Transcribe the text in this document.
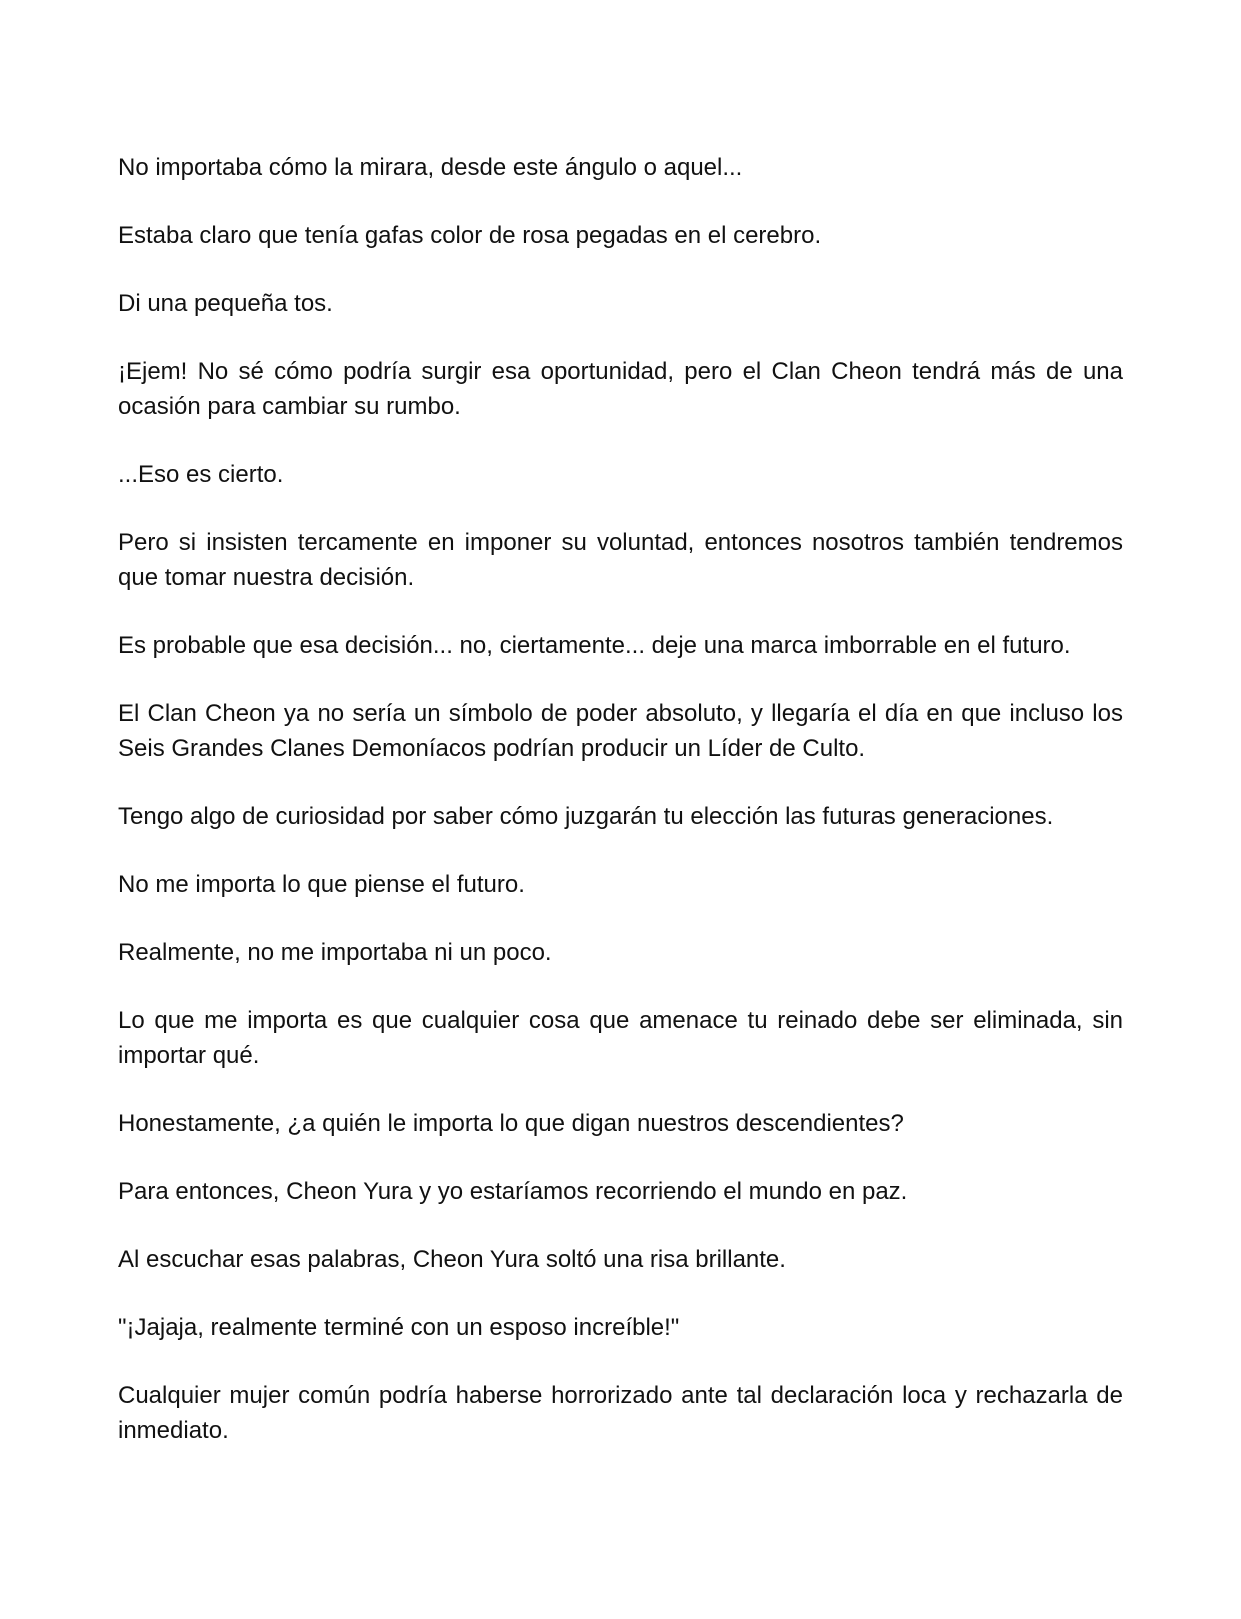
No importaba cómo la mirara, desde este ángulo o aquel...

Estaba claro que tenía gafas color de rosa pegadas en el cerebro.

Di una pequeña tos.

¡Ejem! No sé cómo podría surgir esa oportunidad, pero el Clan Cheon tendrá más de una ocasión para cambiar su rumbo.

...Eso es cierto.

Pero si insisten tercamente en imponer su voluntad, entonces nosotros también tendremos que tomar nuestra decisión.

Es probable que esa decisión... no, ciertamente... deje una marca imborrable en el futuro.

El Clan Cheon ya no sería un símbolo de poder absoluto, y llegaría el día en que incluso los Seis Grandes Clanes Demoníacos podrían producir un Líder de Culto.

Tengo algo de curiosidad por saber cómo juzgarán tu elección las futuras generaciones.

No me importa lo que piense el futuro.

Realmente, no me importaba ni un poco.

Lo que me importa es que cualquier cosa que amenace tu reinado debe ser eliminada, sin importar qué.

Honestamente, ¿a quién le importa lo que digan nuestros descendientes?

Para entonces, Cheon Yura y yo estaríamos recorriendo el mundo en paz.

Al escuchar esas palabras, Cheon Yura soltó una risa brillante.

"¡Jajaja, realmente terminé con un esposo increíble!"

Cualquier mujer común podría haberse horrorizado ante tal declaración loca y rechazarla de inmediato.
